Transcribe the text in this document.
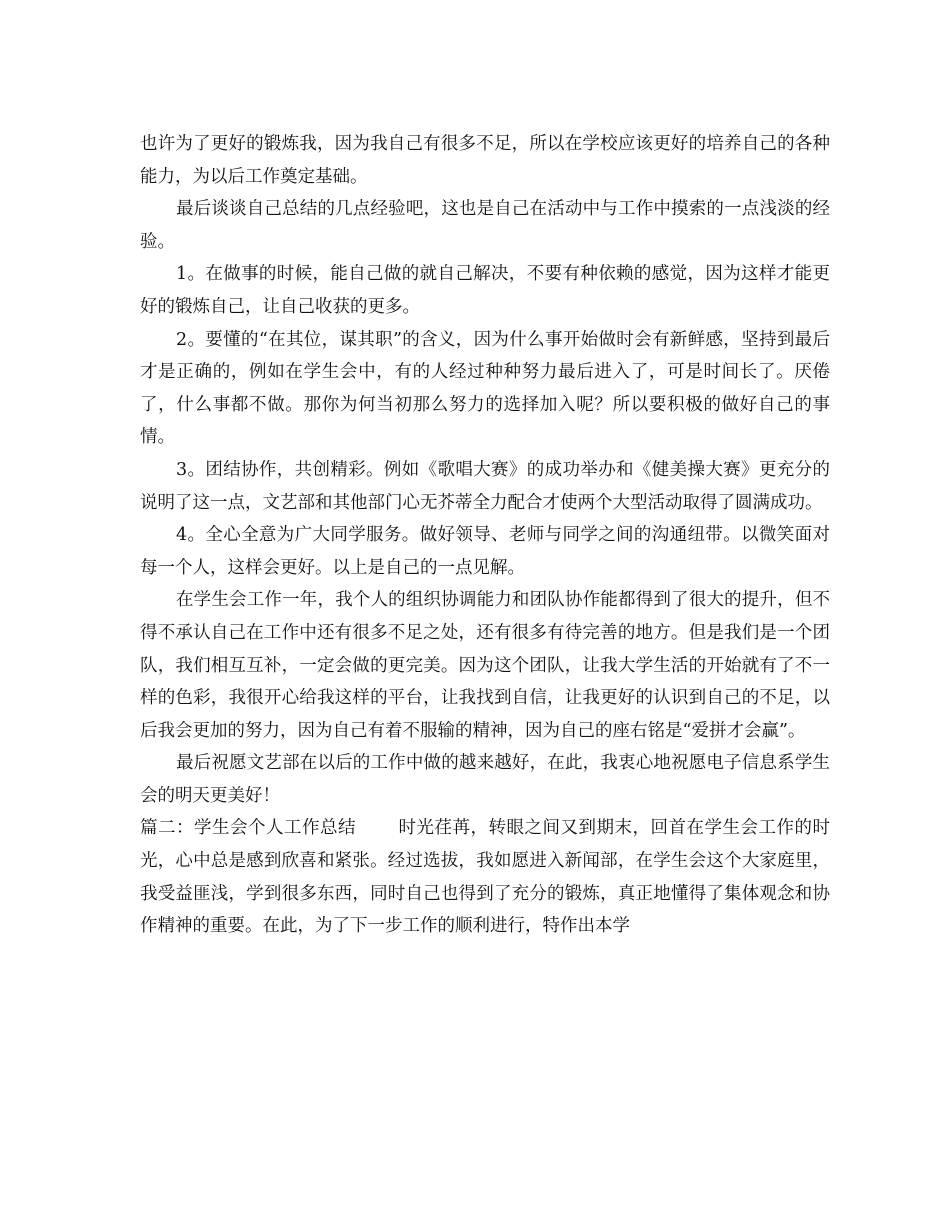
也许为了更好的锻炼我，因为我自己有很多不足，所以在学校应该更好的培养自己的各种能力，为以后工作奠定基础。

最后谈谈自己总结的几点经验吧，这也是自己在活动中与工作中摸索的一点浅淡的经验。

1。在做事的时候，能自己做的就自己解决，不要有种依赖的感觉，因为这样才能更好的锻炼自己，让自己收获的更多。

2。要懂的“在其位，谋其职”的含义，因为什么事开始做时会有新鲜感，坚持到最后才是正确的，例如在学生会中，有的人经过种种努力最后进入了，可是时间长了。厌倦了，什么事都不做。那你为何当初那么努力的选择加入呢？所以要积极的做好自己的事情。

3。团结协作，共创精彩。例如《歌唱大赛》的成功举办和《健美操大赛》更充分的说明了这一点，文艺部和其他部门心无芥蒂全力配合才使两个大型活动取得了圆满成功。

4。全心全意为广大同学服务。做好领导、老师与同学之间的沟通纽带。以微笑面对每一个人，这样会更好。以上是自己的一点见解。

在学生会工作一年，我个人的组织协调能力和团队协作能都得到了很大的提升，但不得不承认自己在工作中还有很多不足之处，还有很多有待完善的地方。但是我们是一个团队，我们相互互补，一定会做的更完美。因为这个团队，让我大学生活的开始就有了不一样的色彩，我很开心给我这样的平台，让我找到自信，让我更好的认识到自己的不足，以后我会更加的努力，因为自己有着不服输的精神，因为自己的座右铭是“爱拼才会赢”。

最后祝愿文艺部在以后的工作中做的越来越好，在此，我衷心地祝愿电子信息系学生会的明天更美好！

篇二：学生会个人工作总结 时光荏苒，转眼之间又到期末，回首在学生会工作的时光，心中总是感到欣喜和紧张。经过选拔，我如愿进入新闻部，在学生会这个大家庭里，我受益匪浅，学到很多东西，同时自己也得到了充分的锻炼，真正地懂得了集体观念和协作精神的重要。在此，为了下一步工作的顺利进行，特作出本学
